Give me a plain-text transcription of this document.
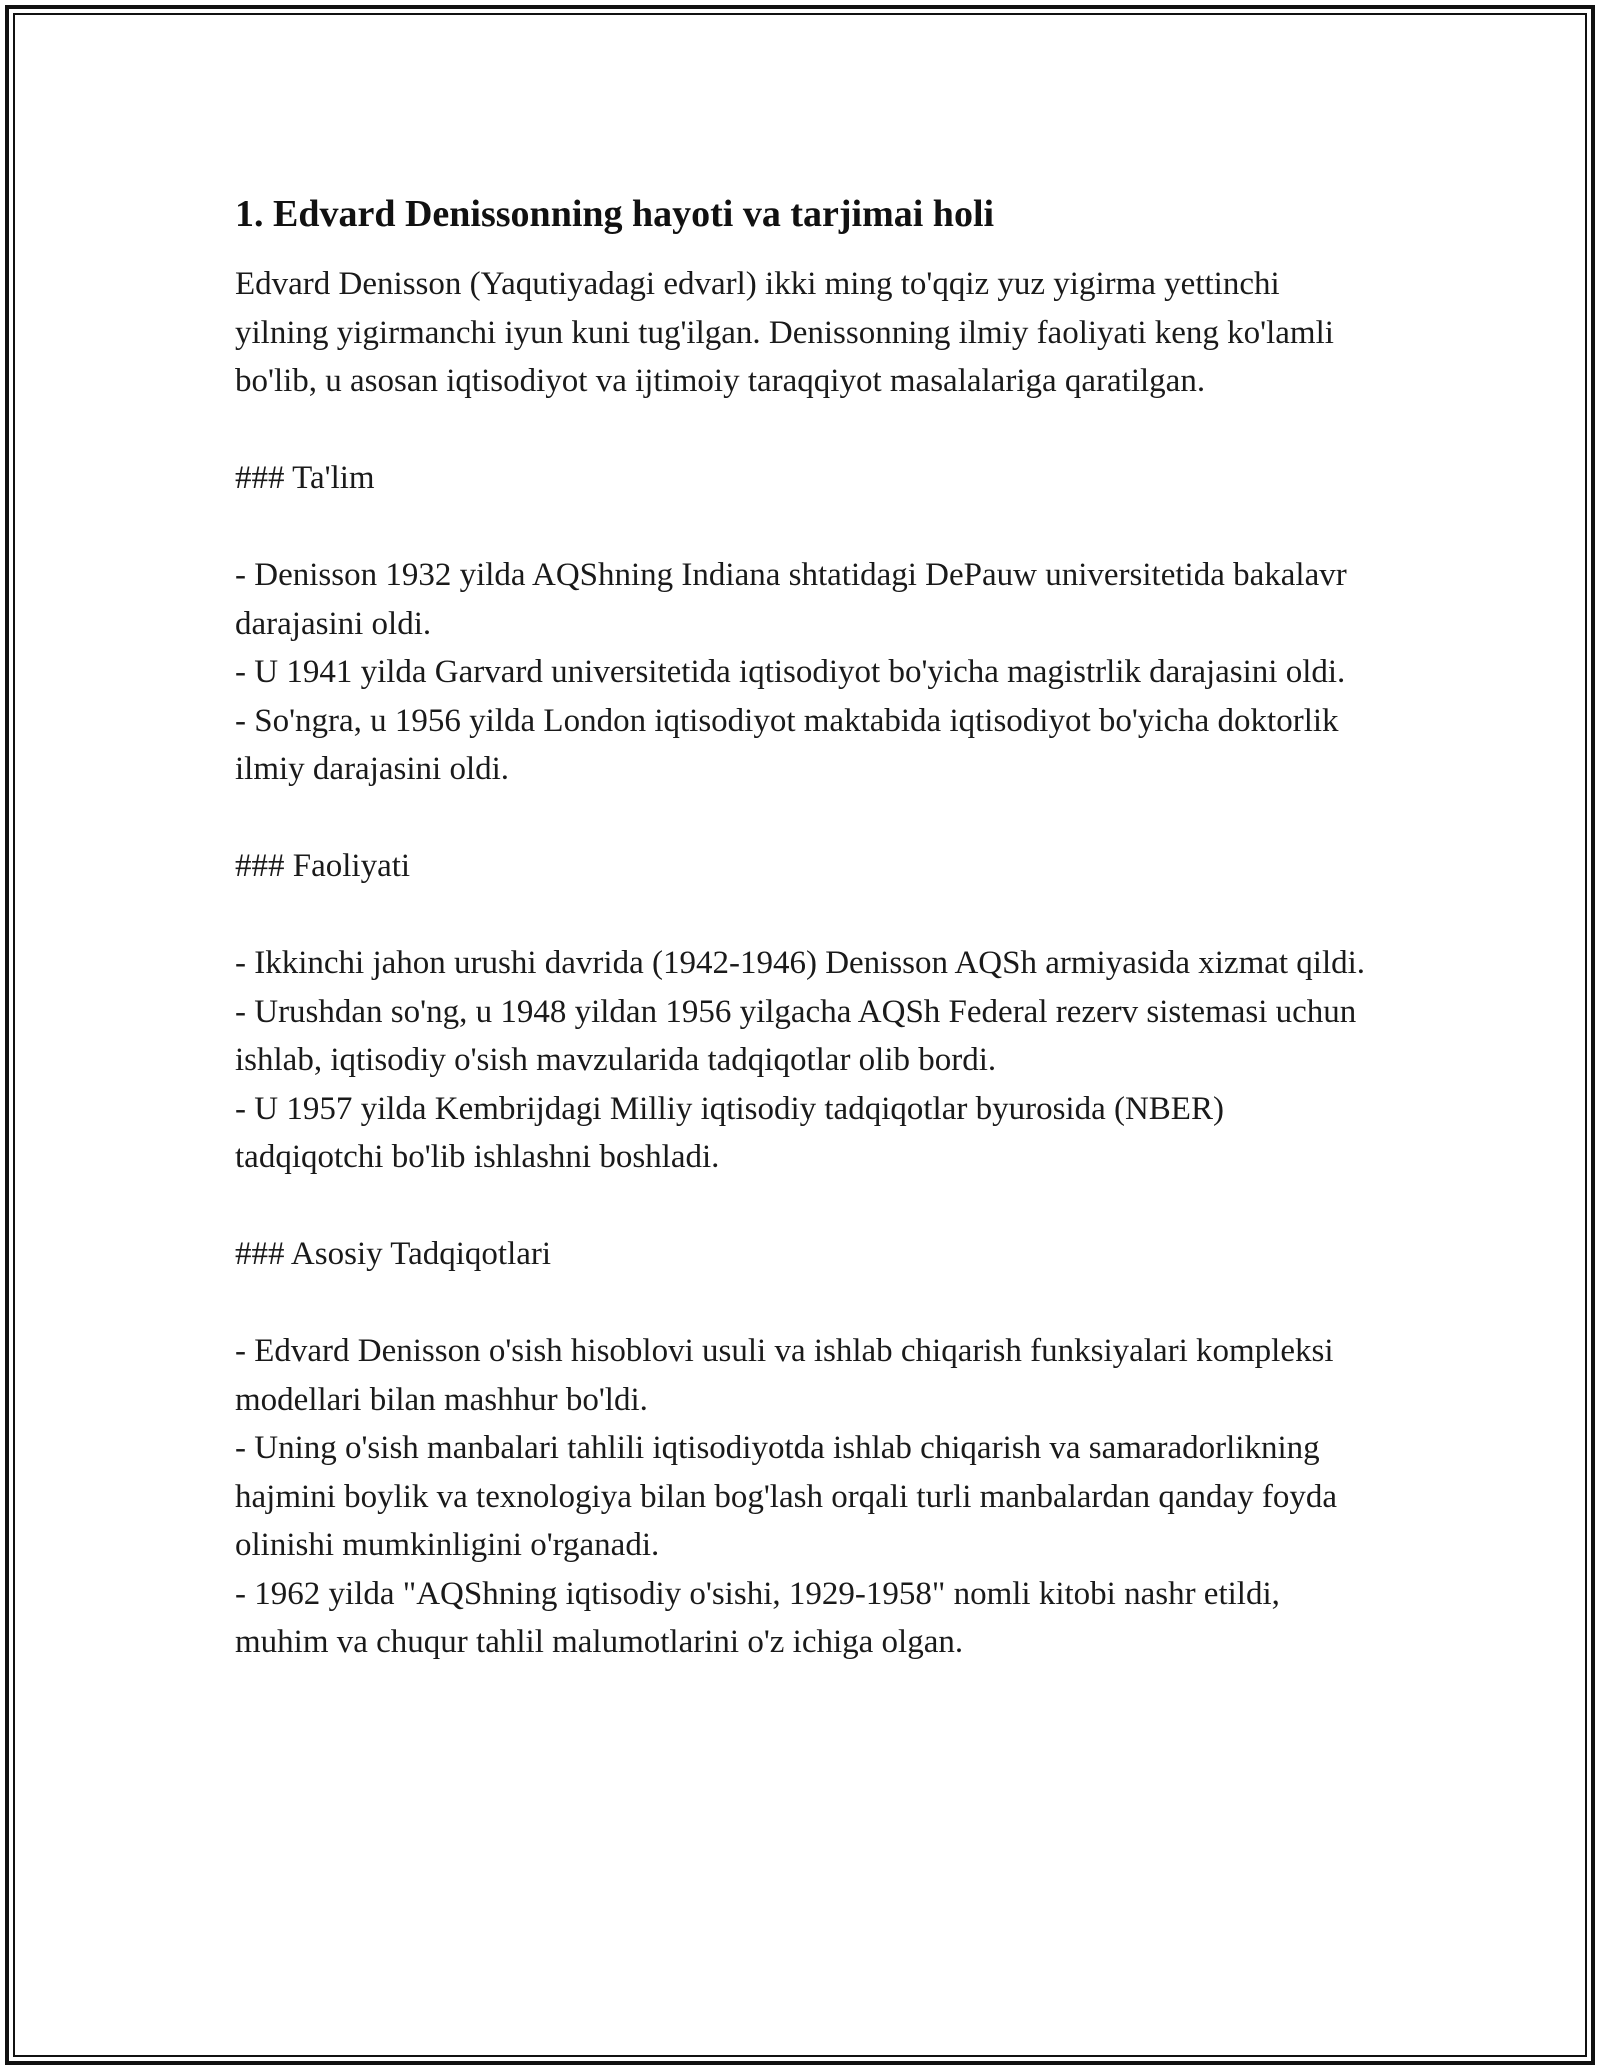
1. Edvard Denissonning hayoti va tarjimai holi

Edvard Denisson (Yaqutiyadagi edvarl) ikki ming to'qqiz yuz yigirma yettinchi yilning yigirmanchi iyun kuni tug'ilgan. Denissonning ilmiy faoliyati keng ko'lamli bo'lib, u asosan iqtisodiyot va ijtimoiy taraqqiyot masalalariga qaratilgan.

### Ta'lim

- Denisson 1932 yilda AQShning Indiana shtatidagi DePauw universitetida bakalavr darajasini oldi.
- U 1941 yilda Garvard universitetida iqtisodiyot bo'yicha magistrlik darajasini oldi.
- So'ngra, u 1956 yilda London iqtisodiyot maktabida iqtisodiyot bo'yicha doktorlik ilmiy darajasini oldi.

### Faoliyati

- Ikkinchi jahon urushi davrida (1942-1946) Denisson AQSh armiyasida xizmat qildi.
- Urushdan so'ng, u 1948 yildan 1956 yilgacha AQSh Federal rezerv sistemasi uchun ishlab, iqtisodiy o'sish mavzularida tadqiqotlar olib bordi.
- U 1957 yilda Kembrijdagi Milliy iqtisodiy tadqiqotlar byurosida (NBER) tadqiqotchi bo'lib ishlashni boshladi.

### Asosiy Tadqiqotlari

- Edvard Denisson o'sish hisoblovi usuli va ishlab chiqarish funksiyalari kompleksi modellari bilan mashhur bo'ldi.
- Uning o'sish manbalari tahlili iqtisodiyotda ishlab chiqarish va samaradorlikning hajmini boylik va texnologiya bilan bog'lash orqali turli manbalardan qanday foyda olinishi mumkinligini o'rganadi.
- 1962 yilda "AQShning iqtisodiy o'sishi, 1929-1958" nomli kitobi nashr etildi, muhim va chuqur tahlil malumotlarini o'z ichiga olgan.
